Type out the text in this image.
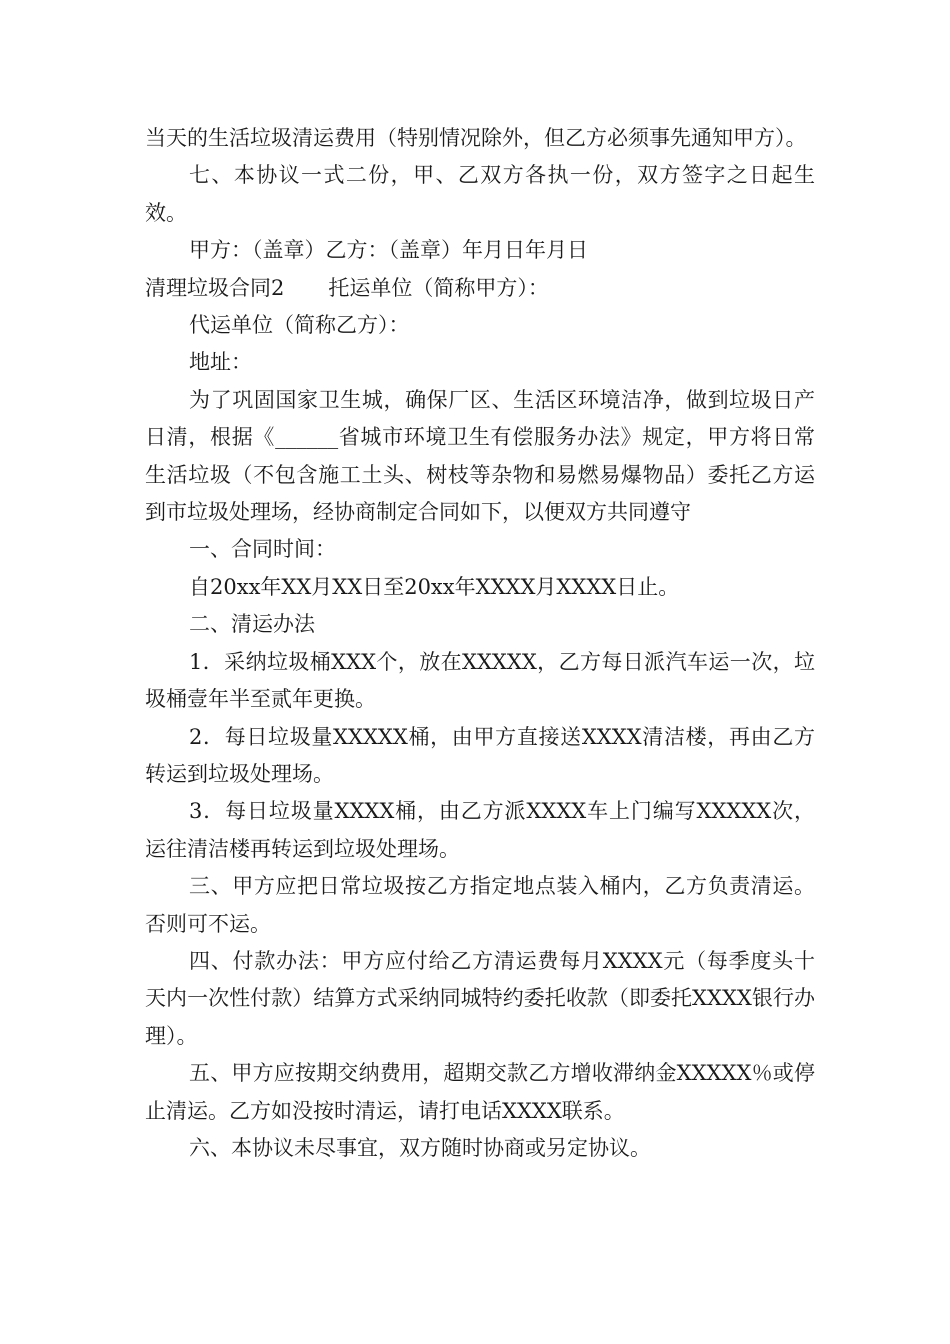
当天的生活垃圾清运费用（特别情况除外，但乙方必须事先通知甲方）。

七、本协议一式二份，甲、乙双方各执一份，双方签字之日起生效。

甲方：（盖章）乙方：（盖章）年月日年月日

清理垃圾合同2 托运单位（简称甲方）：

代运单位（简称乙方）：

地址：

为了巩固国家卫生城，确保厂区、生活区环境洁净，做到垃圾日产日清，根据《______省城市环境卫生有偿服务办法》规定，甲方将日常生活垃圾（不包含施工土头、树枝等杂物和易燃易爆物品）委托乙方运到市垃圾处理场，经协商制定合同如下，以便双方共同遵守

一、合同时间：

自20xx年XX月XX日至20xx年XXXX月XXXX日止。

二、清运办法

1．采纳垃圾桶XXX个，放在XXXXX，乙方每日派汽车运一次，垃圾桶壹年半至贰年更换。

2．每日垃圾量XXXXX桶，由甲方直接送XXXX清洁楼，再由乙方转运到垃圾处理场。

3．每日垃圾量XXXX桶，由乙方派XXXX车上门编写XXXXX次，运往清洁楼再转运到垃圾处理场。

三、甲方应把日常垃圾按乙方指定地点装入桶内，乙方负责清运。否则可不运。

四、付款办法：甲方应付给乙方清运费每月XXXX元（每季度头十天内一次性付款）结算方式采纳同城特约委托收款（即委托XXXX银行办理）。

五、甲方应按期交纳费用，超期交款乙方增收滞纳金XXXXX％或停止清运。乙方如没按时清运，请打电话XXXX联系。

六、本协议未尽事宜，双方随时协商或另定协议。
